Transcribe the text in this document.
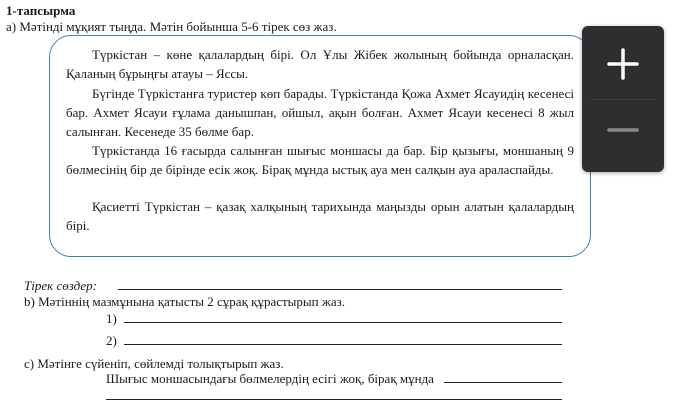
1-тапсырма
а) Мәтінді мұқият тыңда. Мәтін бойынша 5-6 тірек сөз жаз.

Түркістан – көне қалалардың бірі. Ол Ұлы Жібек жолының бойында орналасқан. Қаланың бұрыңғы атауы – Яссы.

Бүгінде Түркістанға туристер көп барады. Түркістанда Қожа Ахмет Ясауидің кесенесі бар. Ахмет Ясауи ғұлама данышпан, ойшыл, ақын болған. Ахмет Ясауи кесенесі 8 жыл салынған. Кесенеде 35 бөлме бар.

Түркістанда 16 ғасырда салынған шығыс моншасы да бар. Бір қызығы, моншаның 9 бөлмесінің бір де бірінде есік жоқ. Бірақ мұнда ыстық ауа мен салқын ауа араласпайды.

Қасиетті Түркістан – қазақ халқының тарихында маңызды орын алатын қалалардың бірі.

Тірек сөздер:
b) Мәтіннің мазмұнына қатысты 2 сұрақ құрастырып жаз.
1)
2)
c) Мәтінге сүйеніп, сөйлемді толықтырып жаз.
Шығыс моншасындағы бөлмелердің есігі жоқ, бірақ мұнда
